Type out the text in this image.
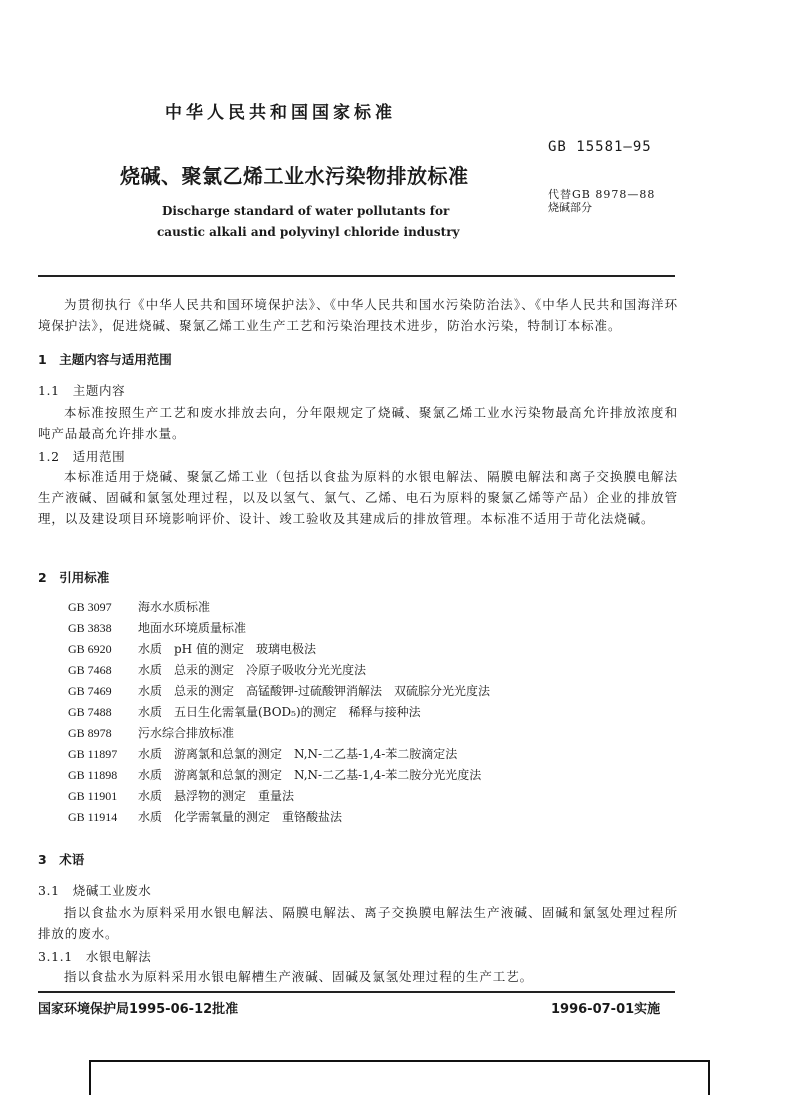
中华人民共和国国家标准
GB 15581—95
烧碱、聚氯乙烯工业水污染物排放标准
代替GB 8978—88
烧碱部分
Discharge standard of water pollutants for
caustic alkali and polyvinyl chloride industry
为贯彻执行《中华人民共和国环境保护法》、《中华人民共和国水污染防治法》、《中华人民共和国海洋环境保护法》，促进烧碱、聚氯乙烯工业生产工艺和污染治理技术进步，防治水污染，特制订本标准。
1　主题内容与适用范围
1.1　主题内容
本标准按照生产工艺和废水排放去向，分年限规定了烧碱、聚氯乙烯工业水污染物最高允许排放浓度和吨产品最高允许排水量。
1.2　适用范围
本标准适用于烧碱、聚氯乙烯工业（包括以食盐为原料的水银电解法、隔膜电解法和离子交换膜电解法生产液碱、固碱和氯氢处理过程，以及以氢气、氯气、乙烯、电石为原料的聚氯乙烯等产品）企业的排放管理，以及建设项目环境影响评价、设计、竣工验收及其建成后的排放管理。本标准不适用于苛化法烧碱。
2　引用标准
GB 3097	海水水质标准
GB 3838	地面水环境质量标准
GB 6920	水质　pH 值的测定　玻璃电极法
GB 7468	水质　总汞的测定　冷原子吸收分光光度法
GB 7469	水质　总汞的测定　高锰酸钾-过硫酸钾消解法　双硫腙分光光度法
GB 7488	水质　五日生化需氧量(BOD₅)的测定　稀释与接种法
GB 8978	污水综合排放标准
GB 11897	水质　游离氯和总氯的测定　N,N-二乙基-1,4-苯二胺滴定法
GB 11898	水质　游离氯和总氯的测定　N,N-二乙基-1,4-苯二胺分光光度法
GB 11901	水质　悬浮物的测定　重量法
GB 11914	水质　化学需氧量的测定　重铬酸盐法
3　术语
3.1　烧碱工业废水
指以食盐水为原料采用水银电解法、隔膜电解法、离子交换膜电解法生产液碱、固碱和氯氢处理过程所排放的废水。
3.1.1　水银电解法
指以食盐水为原料采用水银电解槽生产液碱、固碱及氯氢处理过程的生产工艺。
国家环境保护局1995-06-12批准	1996-07-01实施
